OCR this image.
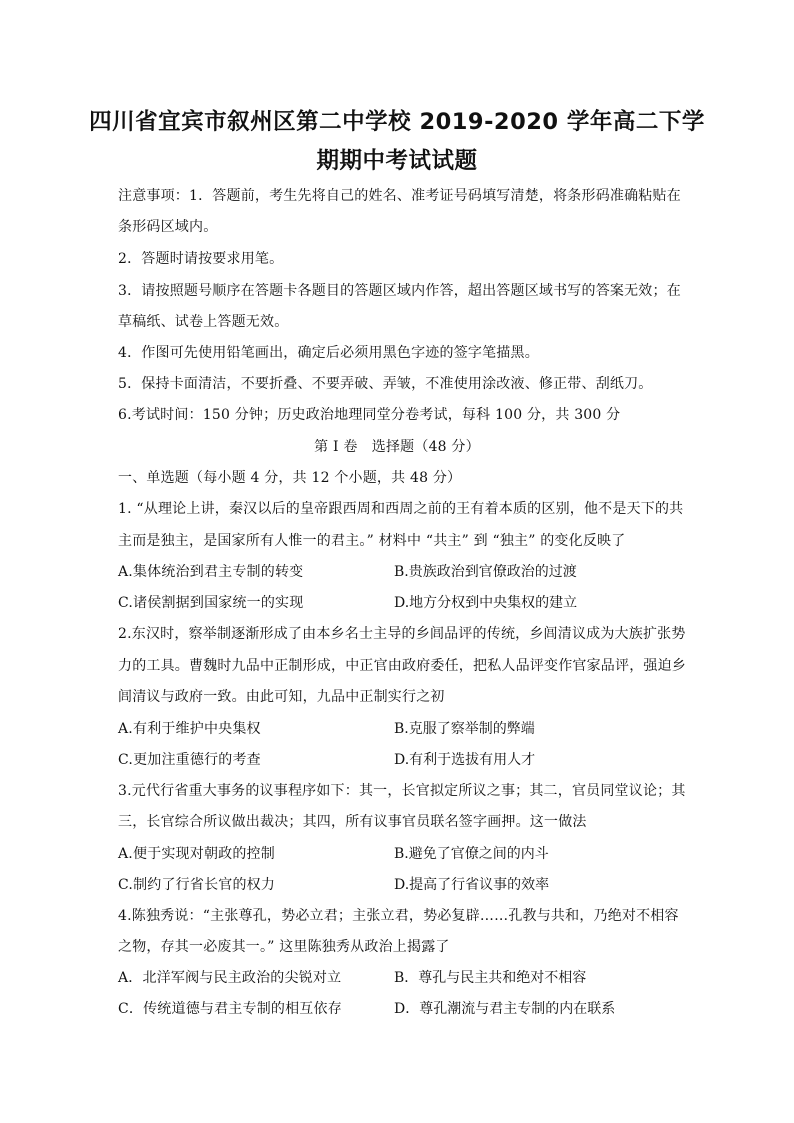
四川省宜宾市叙州区第二中学校 2019-2020 学年高二下学
期期中考试试题
注意事项：1．答题前，考生先将自己的姓名、准考证号码填写清楚，将条形码准确粘贴在
条形码区域内。
2．答题时请按要求用笔。
3．请按照题号顺序在答题卡各题目的答题区域内作答，超出答题区域书写的答案无效；在
草稿纸、试卷上答题无效。
4．作图可先使用铅笔画出，确定后必须用黑色字迹的签字笔描黑。
5．保持卡面清洁，不要折叠、不要弄破、弄皱，不准使用涂改液、修正带、刮纸刀。
6.考试时间：150 分钟；历史政治地理同堂分卷考试，每科 100 分，共 300 分
第 I 卷　选择题（48 分）
一、单选题（每小题 4 分，共 12 个小题，共 48 分）
1. “从理论上讲，秦汉以后的皇帝跟西周和西周之前的王有着本质的区别，他不是天下的共
主而是独主，是国家所有人惟一的君主。” 材料中 “共主” 到 “独主” 的变化反映了
A.集体统治到君主专制的转变	B.贵族政治到官僚政治的过渡
C.诸侯割据到国家统一的实现	D.地方分权到中央集权的建立
2.东汉时，察举制逐渐形成了由本乡名士主导的乡闾品评的传统，乡闾清议成为大族扩张势
力的工具。曹魏时九品中正制形成，中正官由政府委任，把私人品评变作官家品评，强迫乡
闾清议与政府一致。由此可知，九品中正制实行之初
A.有利于维护中央集权	B.克服了察举制的弊端
C.更加注重德行的考查	D.有利于选拔有用人才
3.元代行省重大事务的议事程序如下：其一，长官拟定所议之事；其二，官员同堂议论；其
三，长官综合所议做出裁决；其四，所有议事官员联名签字画押。这一做法
A.便于实现对朝政的控制	B.避免了官僚之间的内斗
C.制约了行省长官的权力	D.提高了行省议事的效率
4.陈独秀说：“主张尊孔，势必立君；主张立君，势必复辟……孔教与共和，乃绝对不相容
之物，存其一必废其一。” 这里陈独秀从政治上揭露了
A．北洋军阀与民主政治的尖锐对立	B．尊孔与民主共和绝对不相容
C．传统道德与君主专制的相互依存	D．尊孔潮流与君主专制的内在联系
